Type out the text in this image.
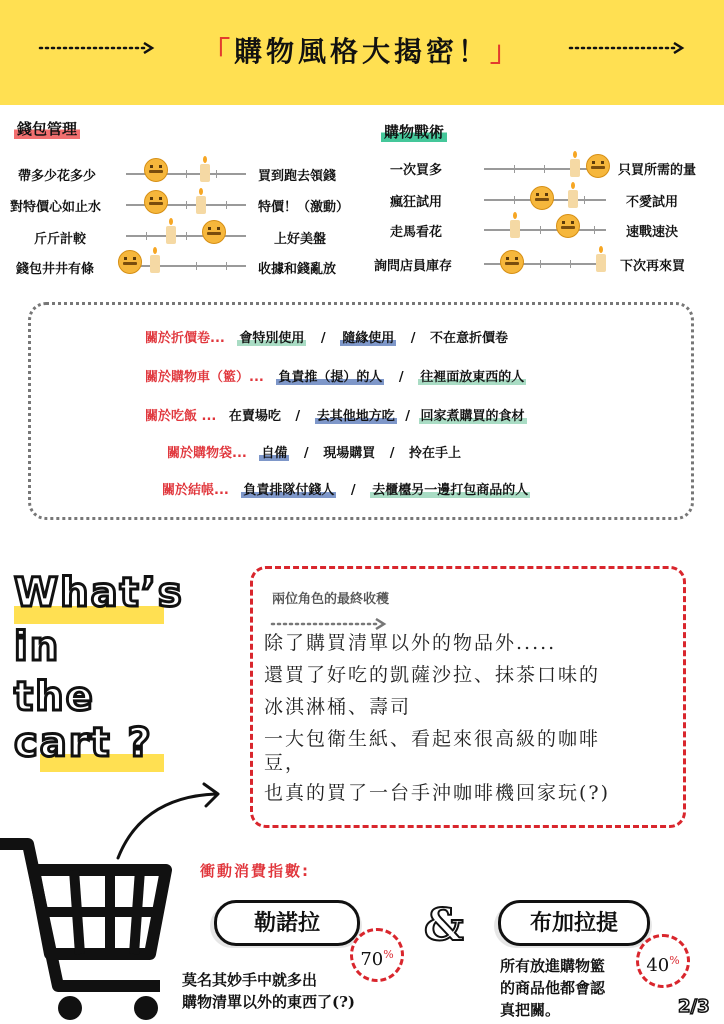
「購物風格大揭密！」
錢包管理
帶多少花多少
對特價心如止水
斤斤計較
錢包井井有條
買到跑去領錢
特價！（激動）
上好美盤
收據和錢亂放
購物戰術
一次買多
瘋狂試用
走馬看花
詢問店員庫存
只買所需的量
不愛試用
速戰速決
下次再來買
關於折價卷... 會特別使用 / 隨緣使用 / 不在意折價卷
關於購物車（籃）... 負責推（提）的人 / 往裡面放東西的人
關於吃飯 ... 在賣場吃 / 去其他地方吃 / 回家煮購買的食材
關於購物袋... 自備 / 現場購買 / 拎在手上
關於結帳... 負責排隊付錢人 / 去櫃檯另一邊打包商品的人
What’s
in
the
cart ?
兩位角色的最終收穫
除了購買清單以外的物品外.....
還買了好吃的凱薩沙拉、抹茶口味的
冰淇淋桶、壽司
一大包衛生紙、看起來很高級的咖啡
豆，
也真的買了一台手沖咖啡機回家玩(?)
衝動消費指數:
勒諾拉
70%
莫名其妙手中就多出
購物清單以外的東西了(?)
&	布加拉提
40%
所有放進購物籃
的商品他都會認
真把關。	2/3
